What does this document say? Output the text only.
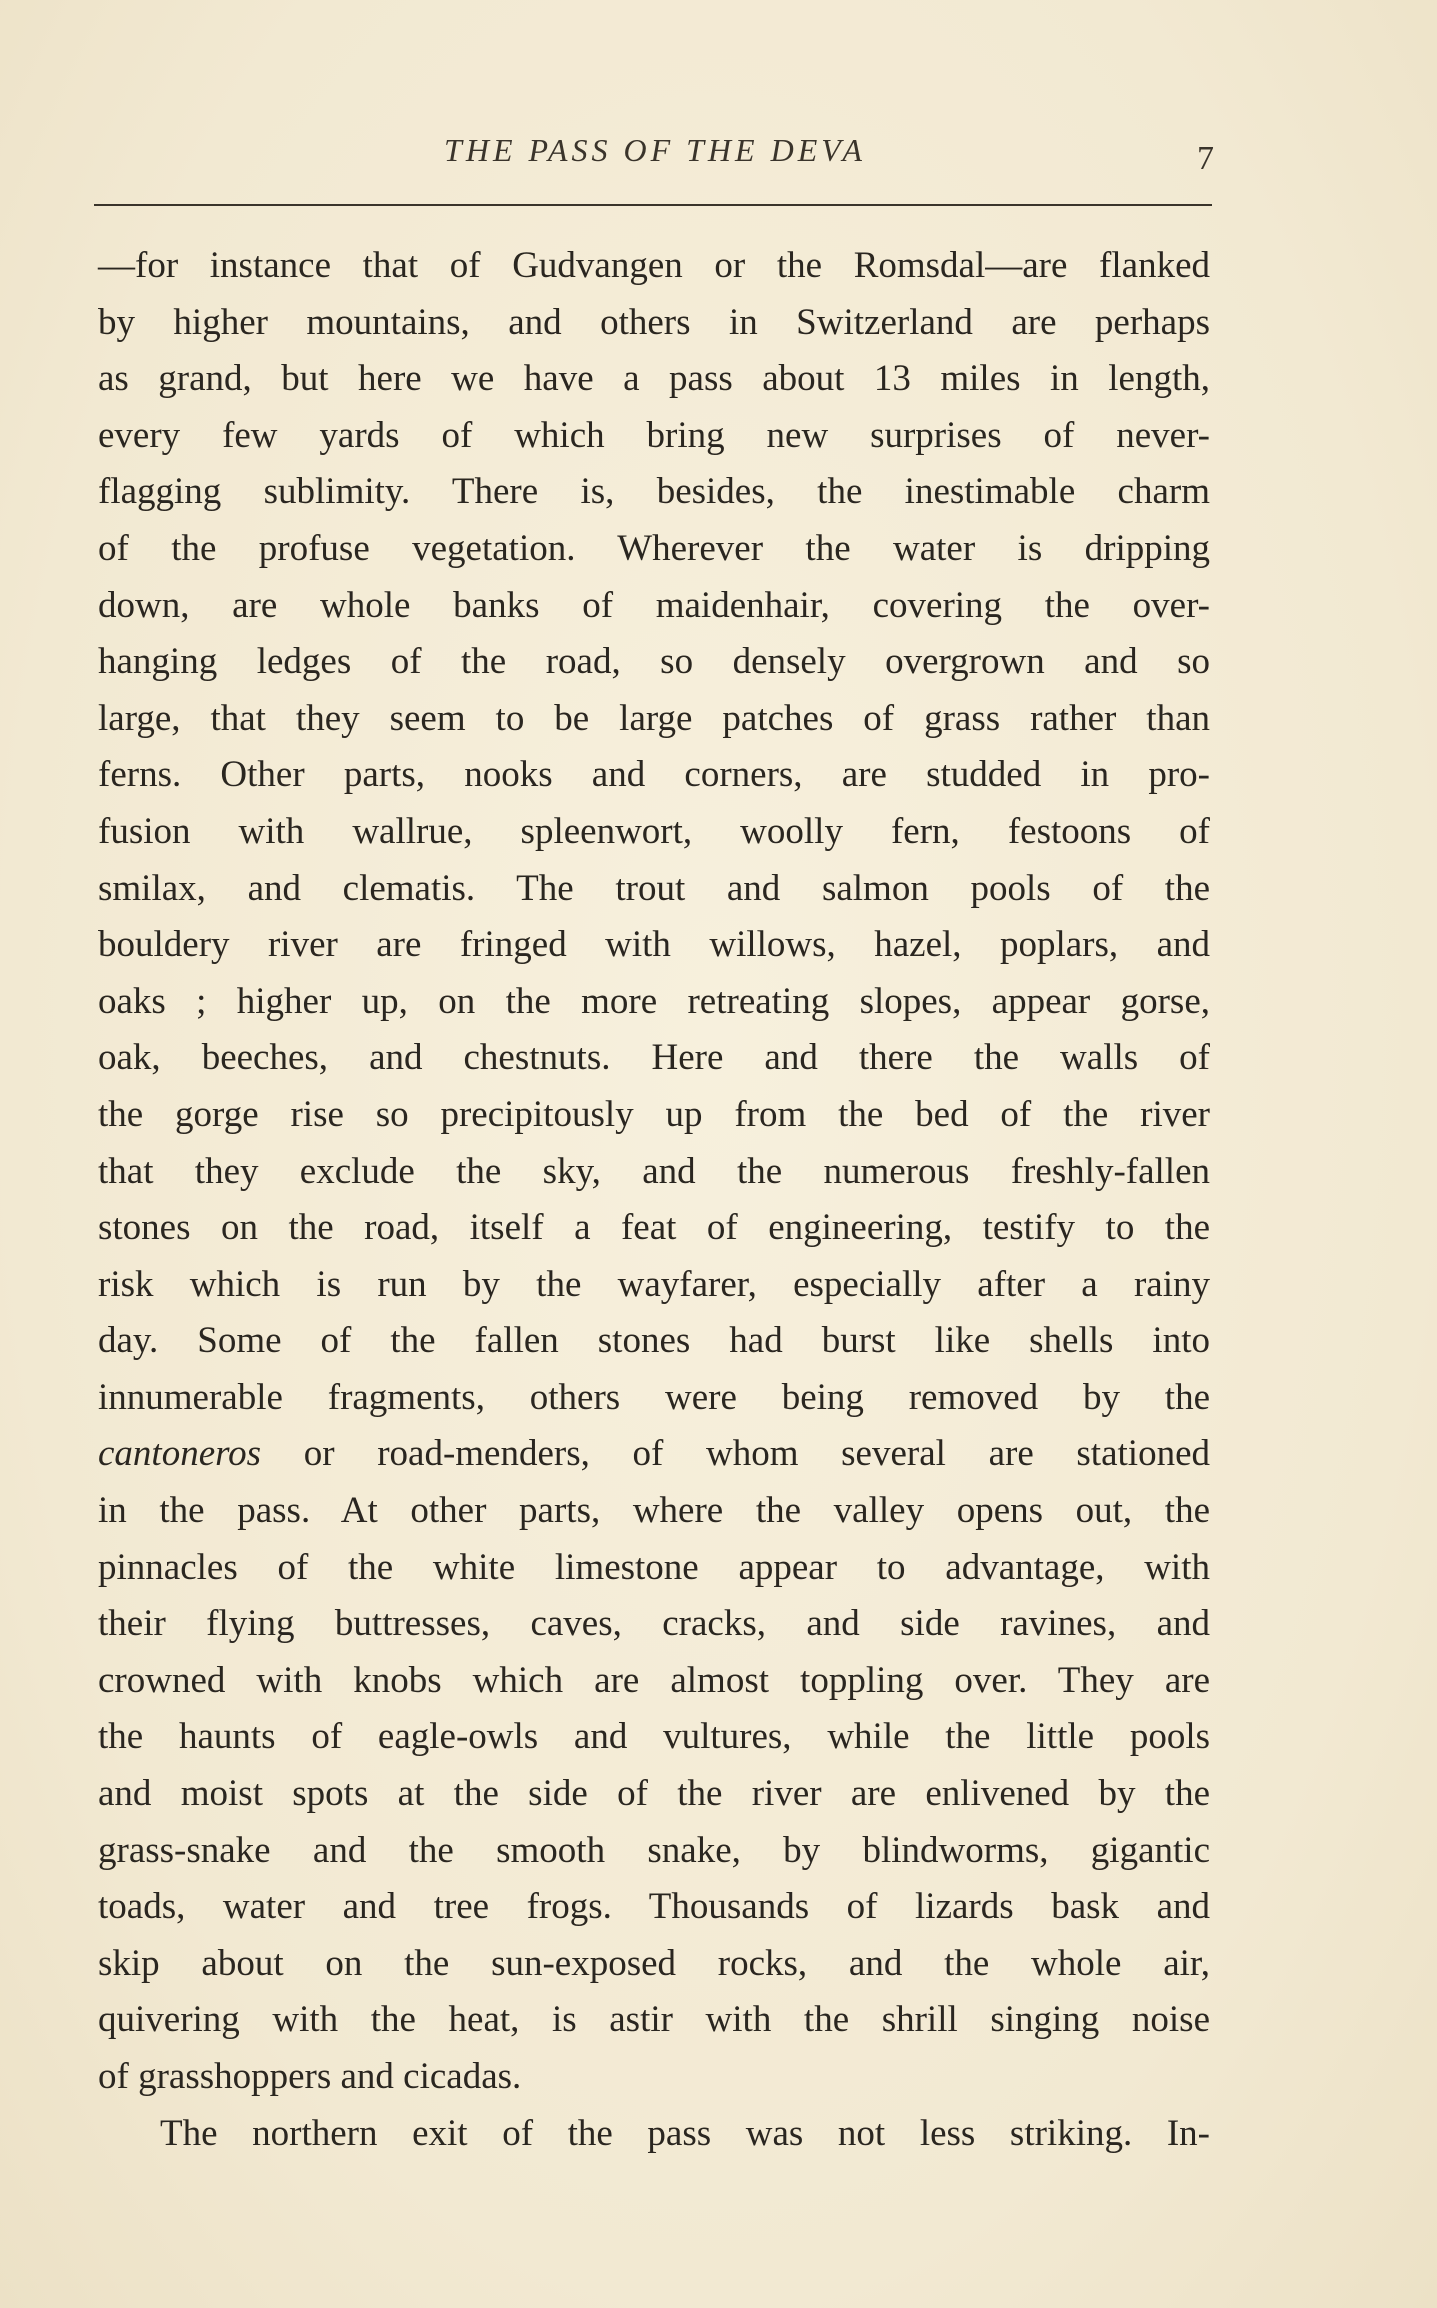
THE PASS OF THE DEVA	7
—for instance that of Gudvangen or the Romsdal—are flanked
by higher mountains, and others in Switzerland are perhaps
as grand, but here we have a pass about 13 miles in length,
every few yards of which bring new surprises of never-
flagging sublimity. There is, besides, the inestimable charm
of the profuse vegetation. Wherever the water is dripping
down, are whole banks of maidenhair, covering the over-
hanging ledges of the road, so densely overgrown and so
large, that they seem to be large patches of grass rather than
ferns. Other parts, nooks and corners, are studded in pro-
fusion with wallrue, spleenwort, woolly fern, festoons of
smilax, and clematis. The trout and salmon pools of the
bouldery river are fringed with willows, hazel, poplars, and
oaks ; higher up, on the more retreating slopes, appear gorse,
oak, beeches, and chestnuts. Here and there the walls of
the gorge rise so precipitously up from the bed of the river
that they exclude the sky, and the numerous freshly-fallen
stones on the road, itself a feat of engineering, testify to the
risk which is run by the wayfarer, especially after a rainy
day. Some of the fallen stones had burst like shells into
innumerable fragments, others were being removed by the
cantoneros or road-menders, of whom several are stationed
in the pass. At other parts, where the valley opens out, the
pinnacles of the white limestone appear to advantage, with
their flying buttresses, caves, cracks, and side ravines, and
crowned with knobs which are almost toppling over. They are
the haunts of eagle-owls and vultures, while the little pools
and moist spots at the side of the river are enlivened by the
grass-snake and the smooth snake, by blindworms, gigantic
toads, water and tree frogs. Thousands of lizards bask and
skip about on the sun-exposed rocks, and the whole air,
quivering with the heat, is astir with the shrill singing noise
of grasshoppers and cicadas.
The northern exit of the pass was not less striking. In-
